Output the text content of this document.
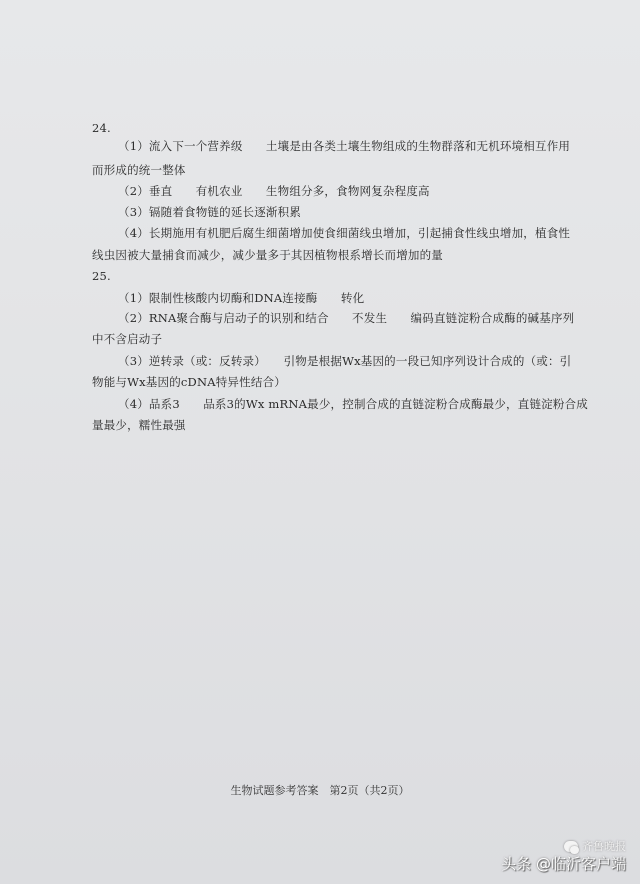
24.
（1）流入下一个营养级　　土壤是由各类土壤生物组成的生物群落和无机环境相互作用
而形成的统一整体
（2）垂直　　有机农业　　生物组分多，食物网复杂程度高
（3）镉随着食物链的延长逐渐积累
（4）长期施用有机肥后腐生细菌增加使食细菌线虫增加，引起捕食性线虫增加，植食性
线虫因被大量捕食而减少，减少量多于其因植物根系增长而增加的量
25.
（1）限制性核酸内切酶和DNA连接酶　　转化
（2）RNA聚合酶与启动子的识别和结合　　不发生　　编码直链淀粉合成酶的碱基序列
中不含启动子
（3）逆转录（或：反转录）　　引物是根据Wx基因的一段已知序列设计合成的（或：引
物能与Wx基因的cDNA特异性结合）
（4）品系3　　品系3的Wx mRNA最少，控制合成的直链淀粉合成酶最少，直链淀粉合成
量最少，糯性最强
生物试题参考答案　第2页（共2页）
齐鲁晚报
头条 @临沂客户端
